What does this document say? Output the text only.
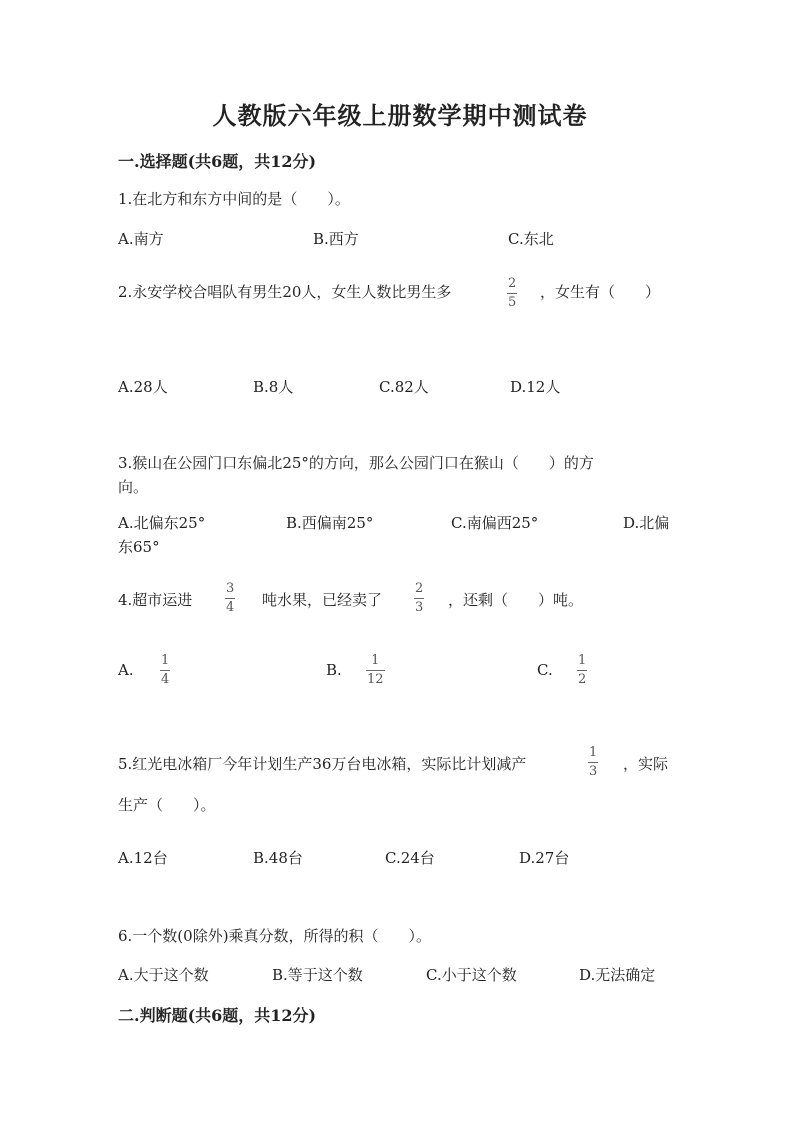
人教版六年级上册数学期中测试卷
一.选择题(共6题，共12分)
1.在北方和东方中间的是（　　）。
A.南方	B.西方	C.东北
2.永安学校合唱队有男生20人，女生人数比男生多	2
5
，女生有（　　）
A.28人	B.8人	C.82人	D.12人
3.猴山在公园门口东偏北25°的方向，那么公园门口在猴山（　　）的方
向。
A.北偏东25°	B.西偏南25°	C.南偏西25°	D.北偏
东65°
4.超市运进
3
4 吨水果，已经卖了
2
3 ，还剩（　　）吨。
A.
1
4
B.
1
12
C.
1
2
5.红光电冰箱厂今年计划生产36万台电冰箱，实际比计划减产
1
3 ，实际
生产（　　）。
A.12台	B.48台	C.24台	D.27台
6.一个数(0除外)乘真分数，所得的积（　　）。
A.大于这个数	B.等于这个数	C.小于这个数	D.无法确定
二.判断题(共6题，共12分)
